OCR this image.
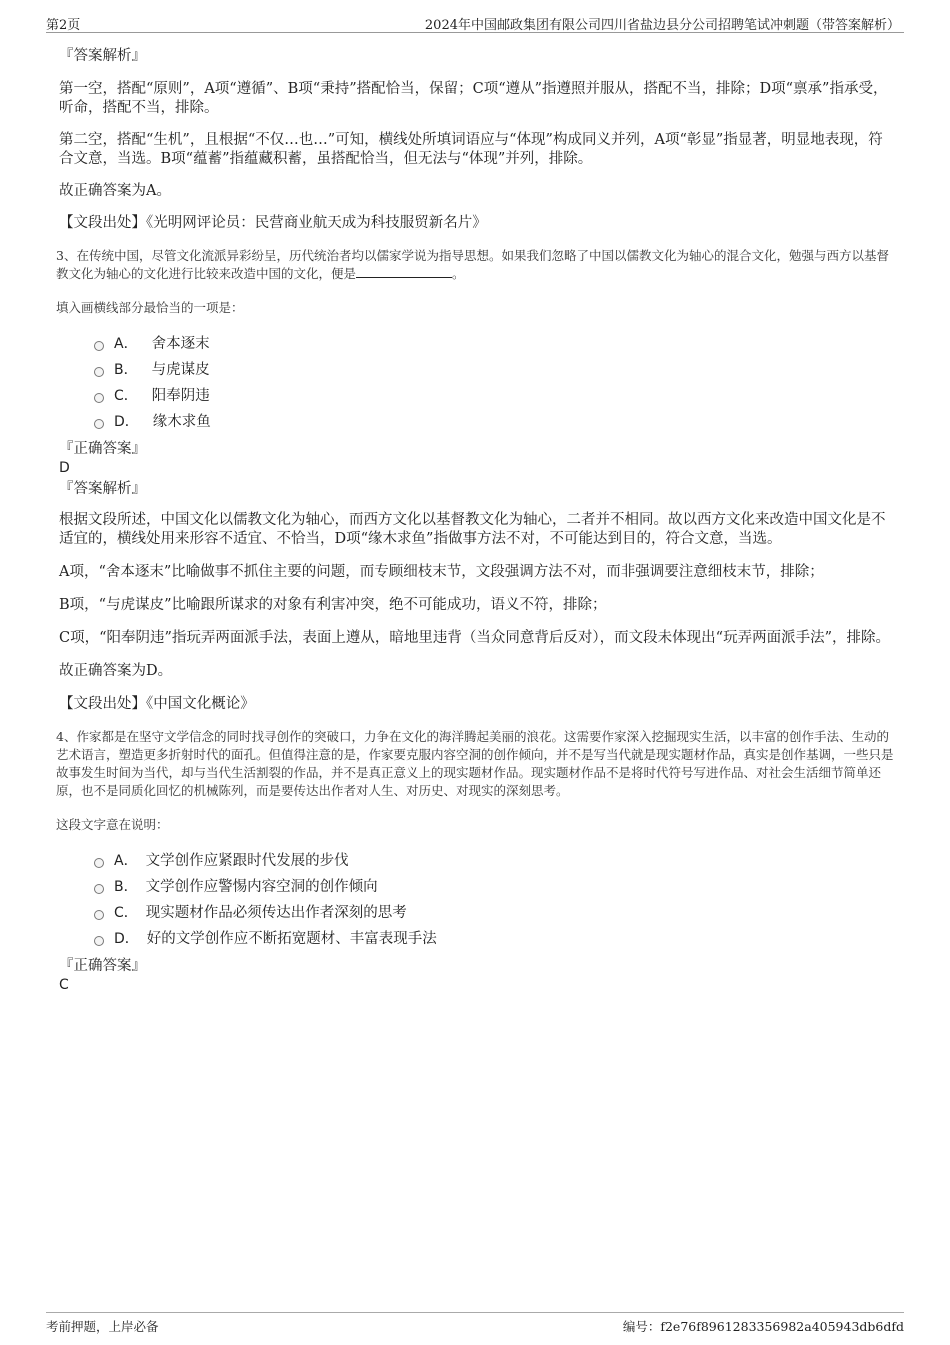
第2页	2024年中国邮政集团有限公司四川省盐边县分公司招聘笔试冲刺题（带答案解析）
『答案解析』

第一空，搭配“原则”，A项“遵循”、B项“秉持”搭配恰当，保留；C项“遵从”指遵照并服从，搭配不当，排除；D项“禀承”指承受，听命，搭配不当，排除。

第二空，搭配“生机”，且根据“不仅…也…”可知，横线处所填词语应与“体现”构成同义并列，A项“彰显”指显著，明显地表现，符合文意，当选。B项“蕴蓄”指蕴藏积蓄，虽搭配恰当，但无法与“体现”并列，排除。

故正确答案为A。

【文段出处】《光明网评论员：民营商业航天成为科技服贸新名片》

3、在传统中国，尽管文化流派异彩纷呈，历代统治者均以儒家学说为指导思想。如果我们忽略了中国以儒教文化为轴心的混合文化，勉强与西方以基督教文化为轴心的文化进行比较来改造中国的文化，便是	。

填入画横线部分最恰当的一项是：

A． 舍本逐末
B． 与虎谋皮
C． 阳奉阴违
D． 缘木求鱼
『正确答案』
D
『答案解析』

根据文段所述，中国文化以儒教文化为轴心，而西方文化以基督教文化为轴心，二者并不相同。故以西方文化来改造中国文化是不适宜的，横线处用来形容不适宜、不恰当，D项“缘木求鱼”指做事方法不对，不可能达到目的，符合文意，当选。

A项，“舍本逐末”比喻做事不抓住主要的问题，而专顾细枝末节，文段强调方法不对，而非强调要注意细枝末节，排除；

B项，“与虎谋皮”比喻跟所谋求的对象有利害冲突，绝不可能成功，语义不符，排除；

C项，“阳奉阴违”指玩弄两面派手法，表面上遵从，暗地里违背（当众同意背后反对），而文段未体现出“玩弄两面派手法”，排除。

故正确答案为D。

【文段出处】《中国文化概论》

4、作家都是在坚守文学信念的同时找寻创作的突破口，力争在文化的海洋腾起美丽的浪花。这需要作家深入挖掘现实生活，以丰富的创作手法、生动的艺术语言，塑造更多折射时代的面孔。但值得注意的是，作家要克服内容空洞的创作倾向，并不是写当代就是现实题材作品，真实是创作基调，一些只是故事发生时间为当代，却与当代生活割裂的作品，并不是真正意义上的现实题材作品。现实题材作品不是将时代符号写进作品、对社会生活细节简单还原，也不是同质化回忆的机械陈列，而是要传达出作者对人生、对历史、对现实的深刻思考。

这段文字意在说明：

A． 文学创作应紧跟时代发展的步伐
B． 文学创作应警惕内容空洞的创作倾向
C． 现实题材作品必须传达出作者深刻的思考
D． 好的文学创作应不断拓宽题材、丰富表现手法
『正确答案』
C
考前押题，上岸必备	编号：f2e76f8961283356982a405943db6dfd
